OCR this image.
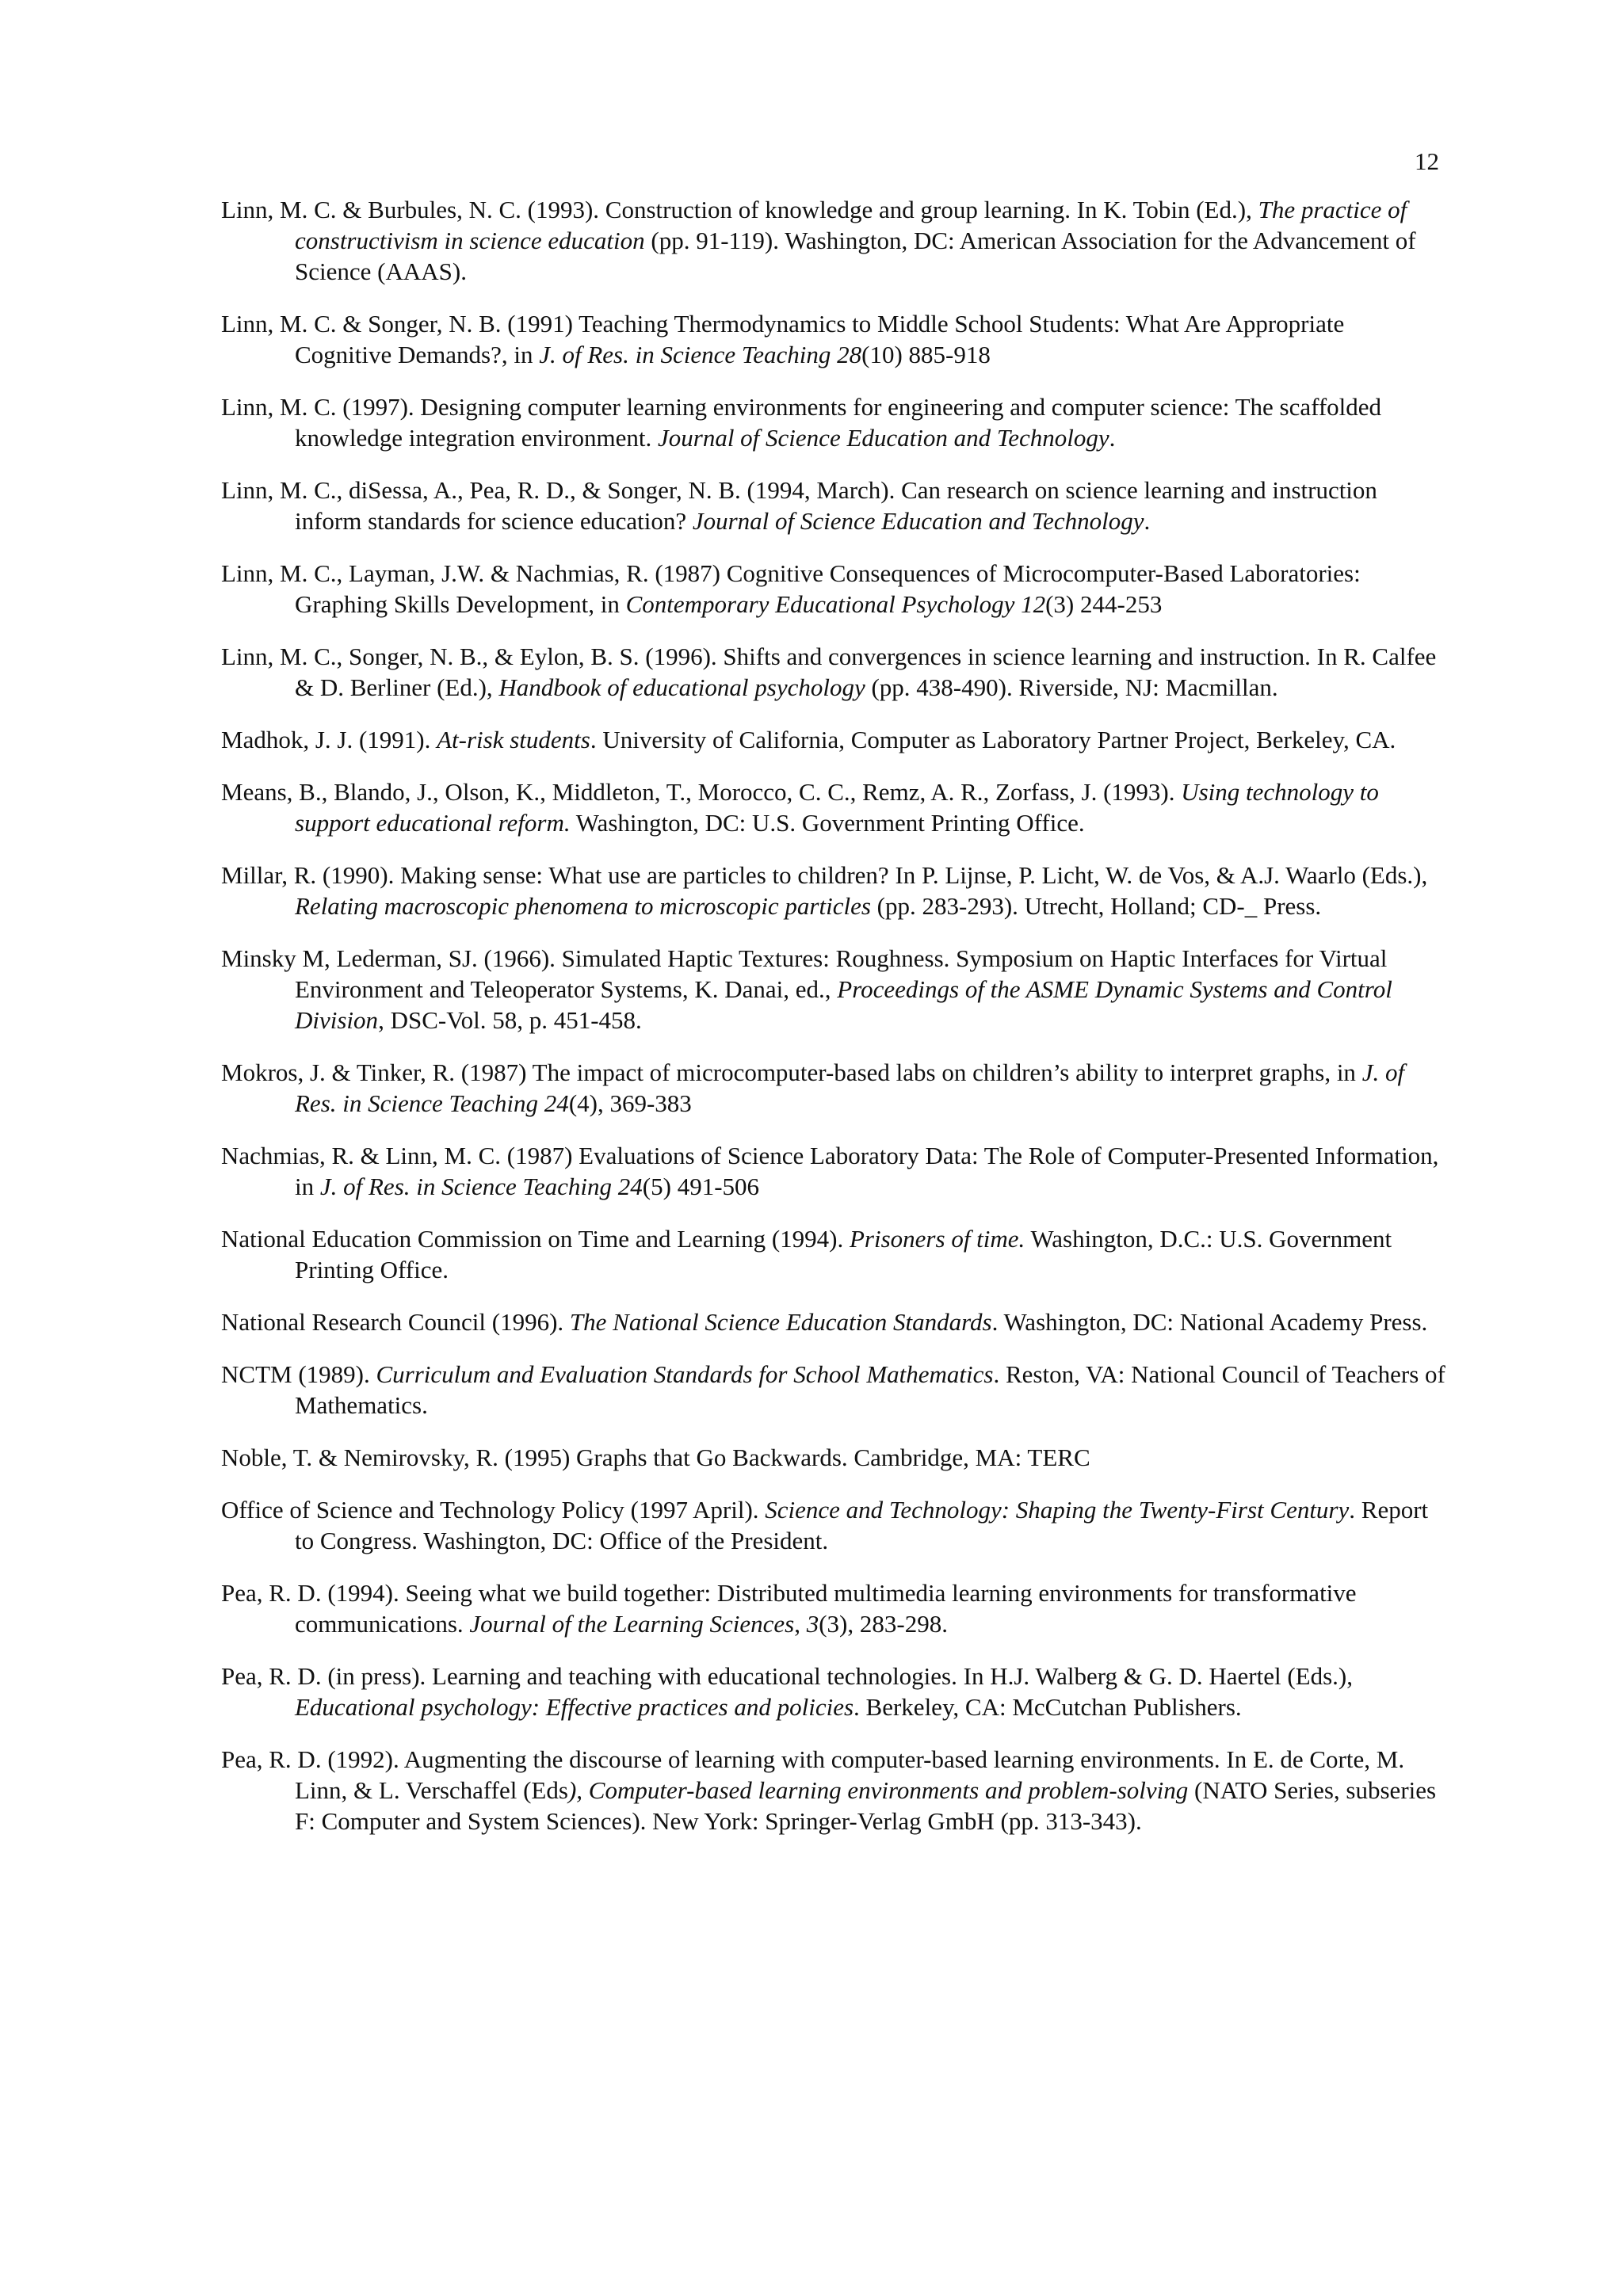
12
Linn, M. C. & Burbules, N. C. (1993). Construction of knowledge and group learning. In K. Tobin (Ed.), The practice of constructivism in science education (pp. 91-119). Washington, DC: American Association for the Advancement of Science (AAAS).
Linn, M. C. & Songer, N. B. (1991) Teaching Thermodynamics to Middle School Students: What Are Appropriate Cognitive Demands?, in J. of Res. in Science Teaching 28(10) 885-918
Linn, M. C. (1997). Designing computer learning environments for engineering and computer science: The scaffolded knowledge integration environment. Journal of Science Education and Technology.
Linn, M. C., diSessa, A., Pea, R. D., & Songer, N. B. (1994, March). Can research on science learning and instruction inform standards for science education? Journal of Science Education and Technology.
Linn, M. C., Layman, J.W. & Nachmias, R. (1987) Cognitive Consequences of Microcomputer-Based Laboratories: Graphing Skills Development, in Contemporary Educational Psychology 12(3) 244-253
Linn, M. C., Songer, N. B., & Eylon, B. S. (1996). Shifts and convergences in science learning and instruction. In R. Calfee & D. Berliner (Ed.), Handbook of educational psychology (pp. 438-490). Riverside, NJ: Macmillan.
Madhok, J. J. (1991). At-risk students. University of California, Computer as Laboratory Partner Project, Berkeley, CA.
Means, B., Blando, J., Olson, K., Middleton, T., Morocco, C. C., Remz, A. R., Zorfass, J. (1993). Using technology to support educational reform. Washington, DC: U.S. Government Printing Office.
Millar, R. (1990). Making sense: What use are particles to children? In P. Lijnse, P. Licht, W. de Vos, & A.J. Waarlo (Eds.), Relating macroscopic phenomena to microscopic particles (pp. 283-293). Utrecht, Holland; CD-_ Press.
Minsky M, Lederman, SJ. (1966). Simulated Haptic Textures: Roughness. Symposium on Haptic Interfaces for Virtual Environment and Teleoperator Systems, K. Danai, ed., Proceedings of the ASME Dynamic Systems and Control Division, DSC-Vol. 58, p. 451-458.
Mokros, J. & Tinker, R. (1987) The impact of microcomputer-based labs on children’s ability to interpret graphs, in J. of Res. in Science Teaching 24(4), 369-383
Nachmias, R. & Linn, M. C. (1987) Evaluations of Science Laboratory Data: The Role of Computer-Presented Information, in J. of Res. in Science Teaching 24(5) 491-506
National Education Commission on Time and Learning (1994). Prisoners of time. Washington, D.C.: U.S. Government Printing Office.
National Research Council (1996). The National Science Education Standards. Washington, DC: National Academy Press.
NCTM (1989). Curriculum and Evaluation Standards for School Mathematics. Reston, VA: National Council of Teachers of Mathematics.
Noble, T. & Nemirovsky, R. (1995) Graphs that Go Backwards. Cambridge, MA: TERC
Office of Science and Technology Policy (1997 April). Science and Technology: Shaping the Twenty-First Century. Report to Congress. Washington, DC: Office of the President.
Pea, R. D. (1994). Seeing what we build together: Distributed multimedia learning environments for transformative communications. Journal of the Learning Sciences, 3(3), 283-298.
Pea, R. D. (in press). Learning and teaching with educational technologies. In H.J. Walberg & G. D. Haertel (Eds.), Educational psychology: Effective practices and policies. Berkeley, CA: McCutchan Publishers.
Pea, R. D. (1992). Augmenting the discourse of learning with computer-based learning environments. In E. de Corte, M. Linn, & L. Verschaffel (Eds), Computer-based learning environments and problem-solving (NATO Series, subseries F: Computer and System Sciences). New York: Springer-Verlag GmbH (pp. 313-343).
